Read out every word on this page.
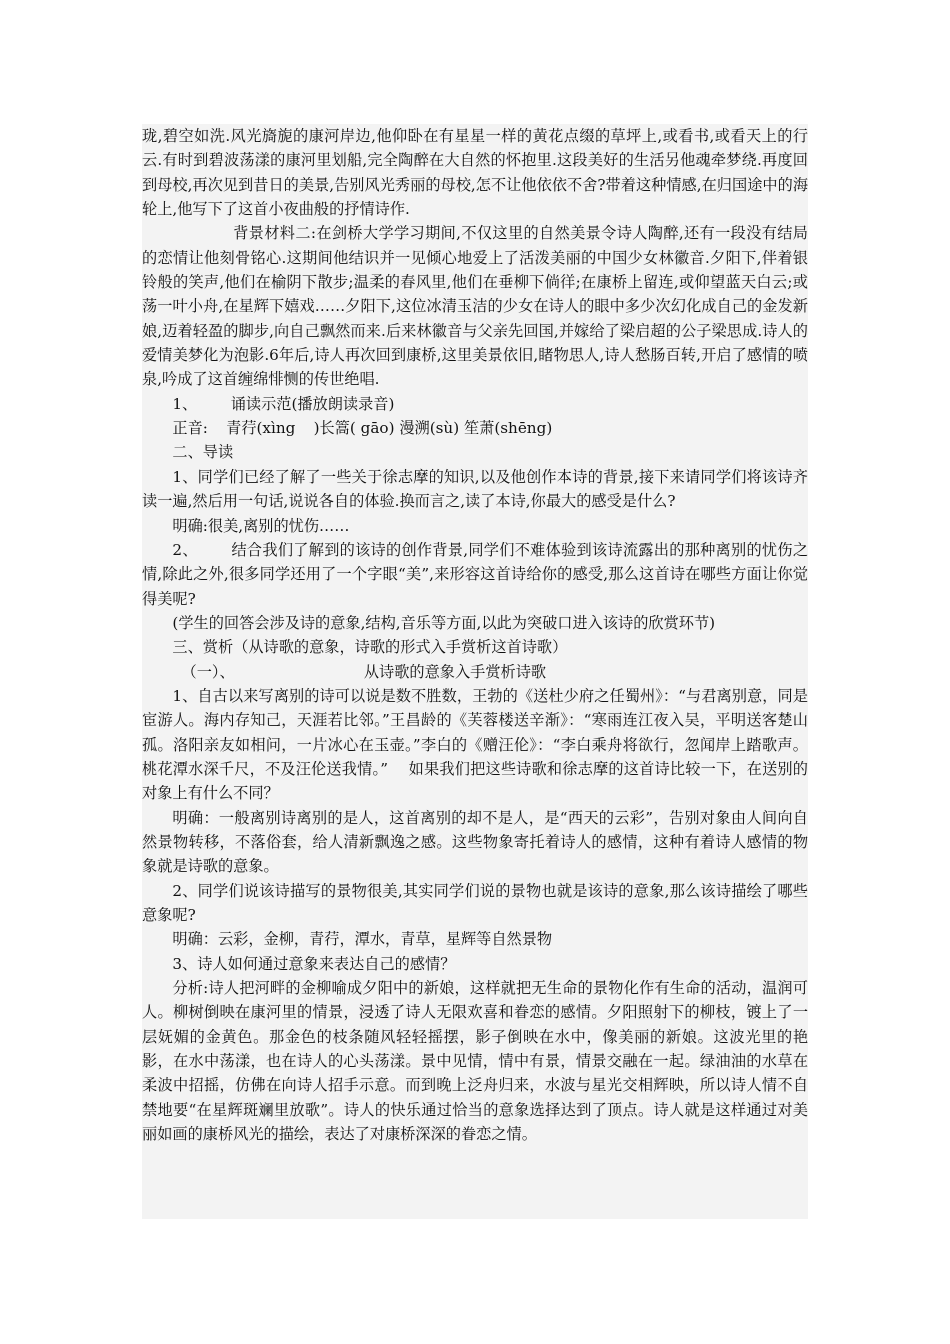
珑,碧空如洗.风光旖旎的康河岸边,他仰卧在有星星一样的黄花点缀的草坪上,或看书,或看天上的行云.有时到碧波荡漾的康河里划船,完全陶醉在大自然的怀抱里.这段美好的生活另他魂牵梦绕.再度回到母校,再次见到昔日的美景,告别风光秀丽的母校,怎不让他依依不舍?带着这种情感,在归国途中的海轮上,他写下了这首小夜曲般的抒情诗作.

背景材料二:在剑桥大学学习期间,不仅这里的自然美景令诗人陶醉,还有一段没有结局的恋情让他刻骨铭心.这期间他结识并一见倾心地爱上了活泼美丽的中国少女林徽音.夕阳下,伴着银铃般的笑声,他们在榆阴下散步;温柔的春风里,他们在垂柳下倘徉;在康桥上留连,或仰望蓝天白云;或荡一叶小舟,在星辉下嬉戏……夕阳下,这位冰清玉洁的少女在诗人的眼中多少次幻化成自己的金发新娘,迈着轻盈的脚步,向自己飘然而来.后来林徽音与父亲先回国,并嫁给了梁启超的公子梁思成.诗人的爱情美梦化为泡影.6年后,诗人再次回到康桥,这里美景依旧,睹物思人,诗人愁肠百转,开启了感情的喷泉,吟成了这首缠绵悱恻的传世绝唱.

1、 诵读示范(播放朗读录音)

正音: 青荇(xìng )长篙( gāo) 漫溯(sù) 笙萧(shēng)

二、导读

1、同学们已经了解了一些关于徐志摩的知识,以及他创作本诗的背景,接下来请同学们将该诗齐读一遍,然后用一句话,说说各自的体验.换而言之,读了本诗,你最大的感受是什么?

明确:很美,离别的忧伤……

2、 结合我们了解到的该诗的创作背景,同学们不难体验到该诗流露出的那种离别的忧伤之情,除此之外,很多同学还用了一个字眼“美”,来形容这首诗给你的感受,那么这首诗在哪些方面让你觉得美呢?

(学生的回答会涉及诗的意象,结构,音乐等方面,以此为突破口进入该诗的欣赏环节)

三、赏析（从诗歌的意象，诗歌的形式入手赏析这首诗歌）

（一）、	从诗歌的意象入手赏析诗歌

1、自古以来写离别的诗可以说是数不胜数，王勃的《送杜少府之任蜀州》：“与君离别意，同是宦游人。海内存知己，天涯若比邻。”王昌龄的《芙蓉楼送辛渐》：“寒雨连江夜入吴，平明送客楚山孤。洛阳亲友如相问，一片冰心在玉壶。”李白的《赠汪伦》：“李白乘舟将欲行，忽闻岸上踏歌声。桃花潭水深千尺，不及汪伦送我情。”　 如果我们把这些诗歌和徐志摩的这首诗比较一下，在送别的对象上有什么不同？

明确：一般离别诗离别的是人，这首离别的却不是人，是“西天的云彩”，告别对象由人间向自然景物转移，不落俗套，给人清新飘逸之感。这些物象寄托着诗人的感情，这种有着诗人感情的物象就是诗歌的意象。

2、同学们说该诗描写的景物很美,其实同学们说的景物也就是该诗的意象,那么该诗描绘了哪些意象呢?

明确：云彩，金柳，青荇，潭水，青草，星辉等自然景物

3、诗人如何通过意象来表达自己的感情？

分析:诗人把河畔的金柳喻成夕阳中的新娘，这样就把无生命的景物化作有生命的活动，温润可人。柳树倒映在康河里的情景，浸透了诗人无限欢喜和眷恋的感情。夕阳照射下的柳枝，镀上了一层妩媚的金黄色。那金色的枝条随风轻轻摇摆，影子倒映在水中，像美丽的新娘。这波光里的艳影，在水中荡漾，也在诗人的心头荡漾。景中见情，情中有景，情景交融在一起。绿油油的水草在柔波中招摇，仿佛在向诗人招手示意。而到晚上泛舟归来，水波与星光交相辉映，所以诗人情不自禁地要“在星辉斑斓里放歌”。诗人的快乐通过恰当的意象选择达到了顶点。诗人就是这样通过对美丽如画的康桥风光的描绘，表达了对康桥深深的眷恋之情。
